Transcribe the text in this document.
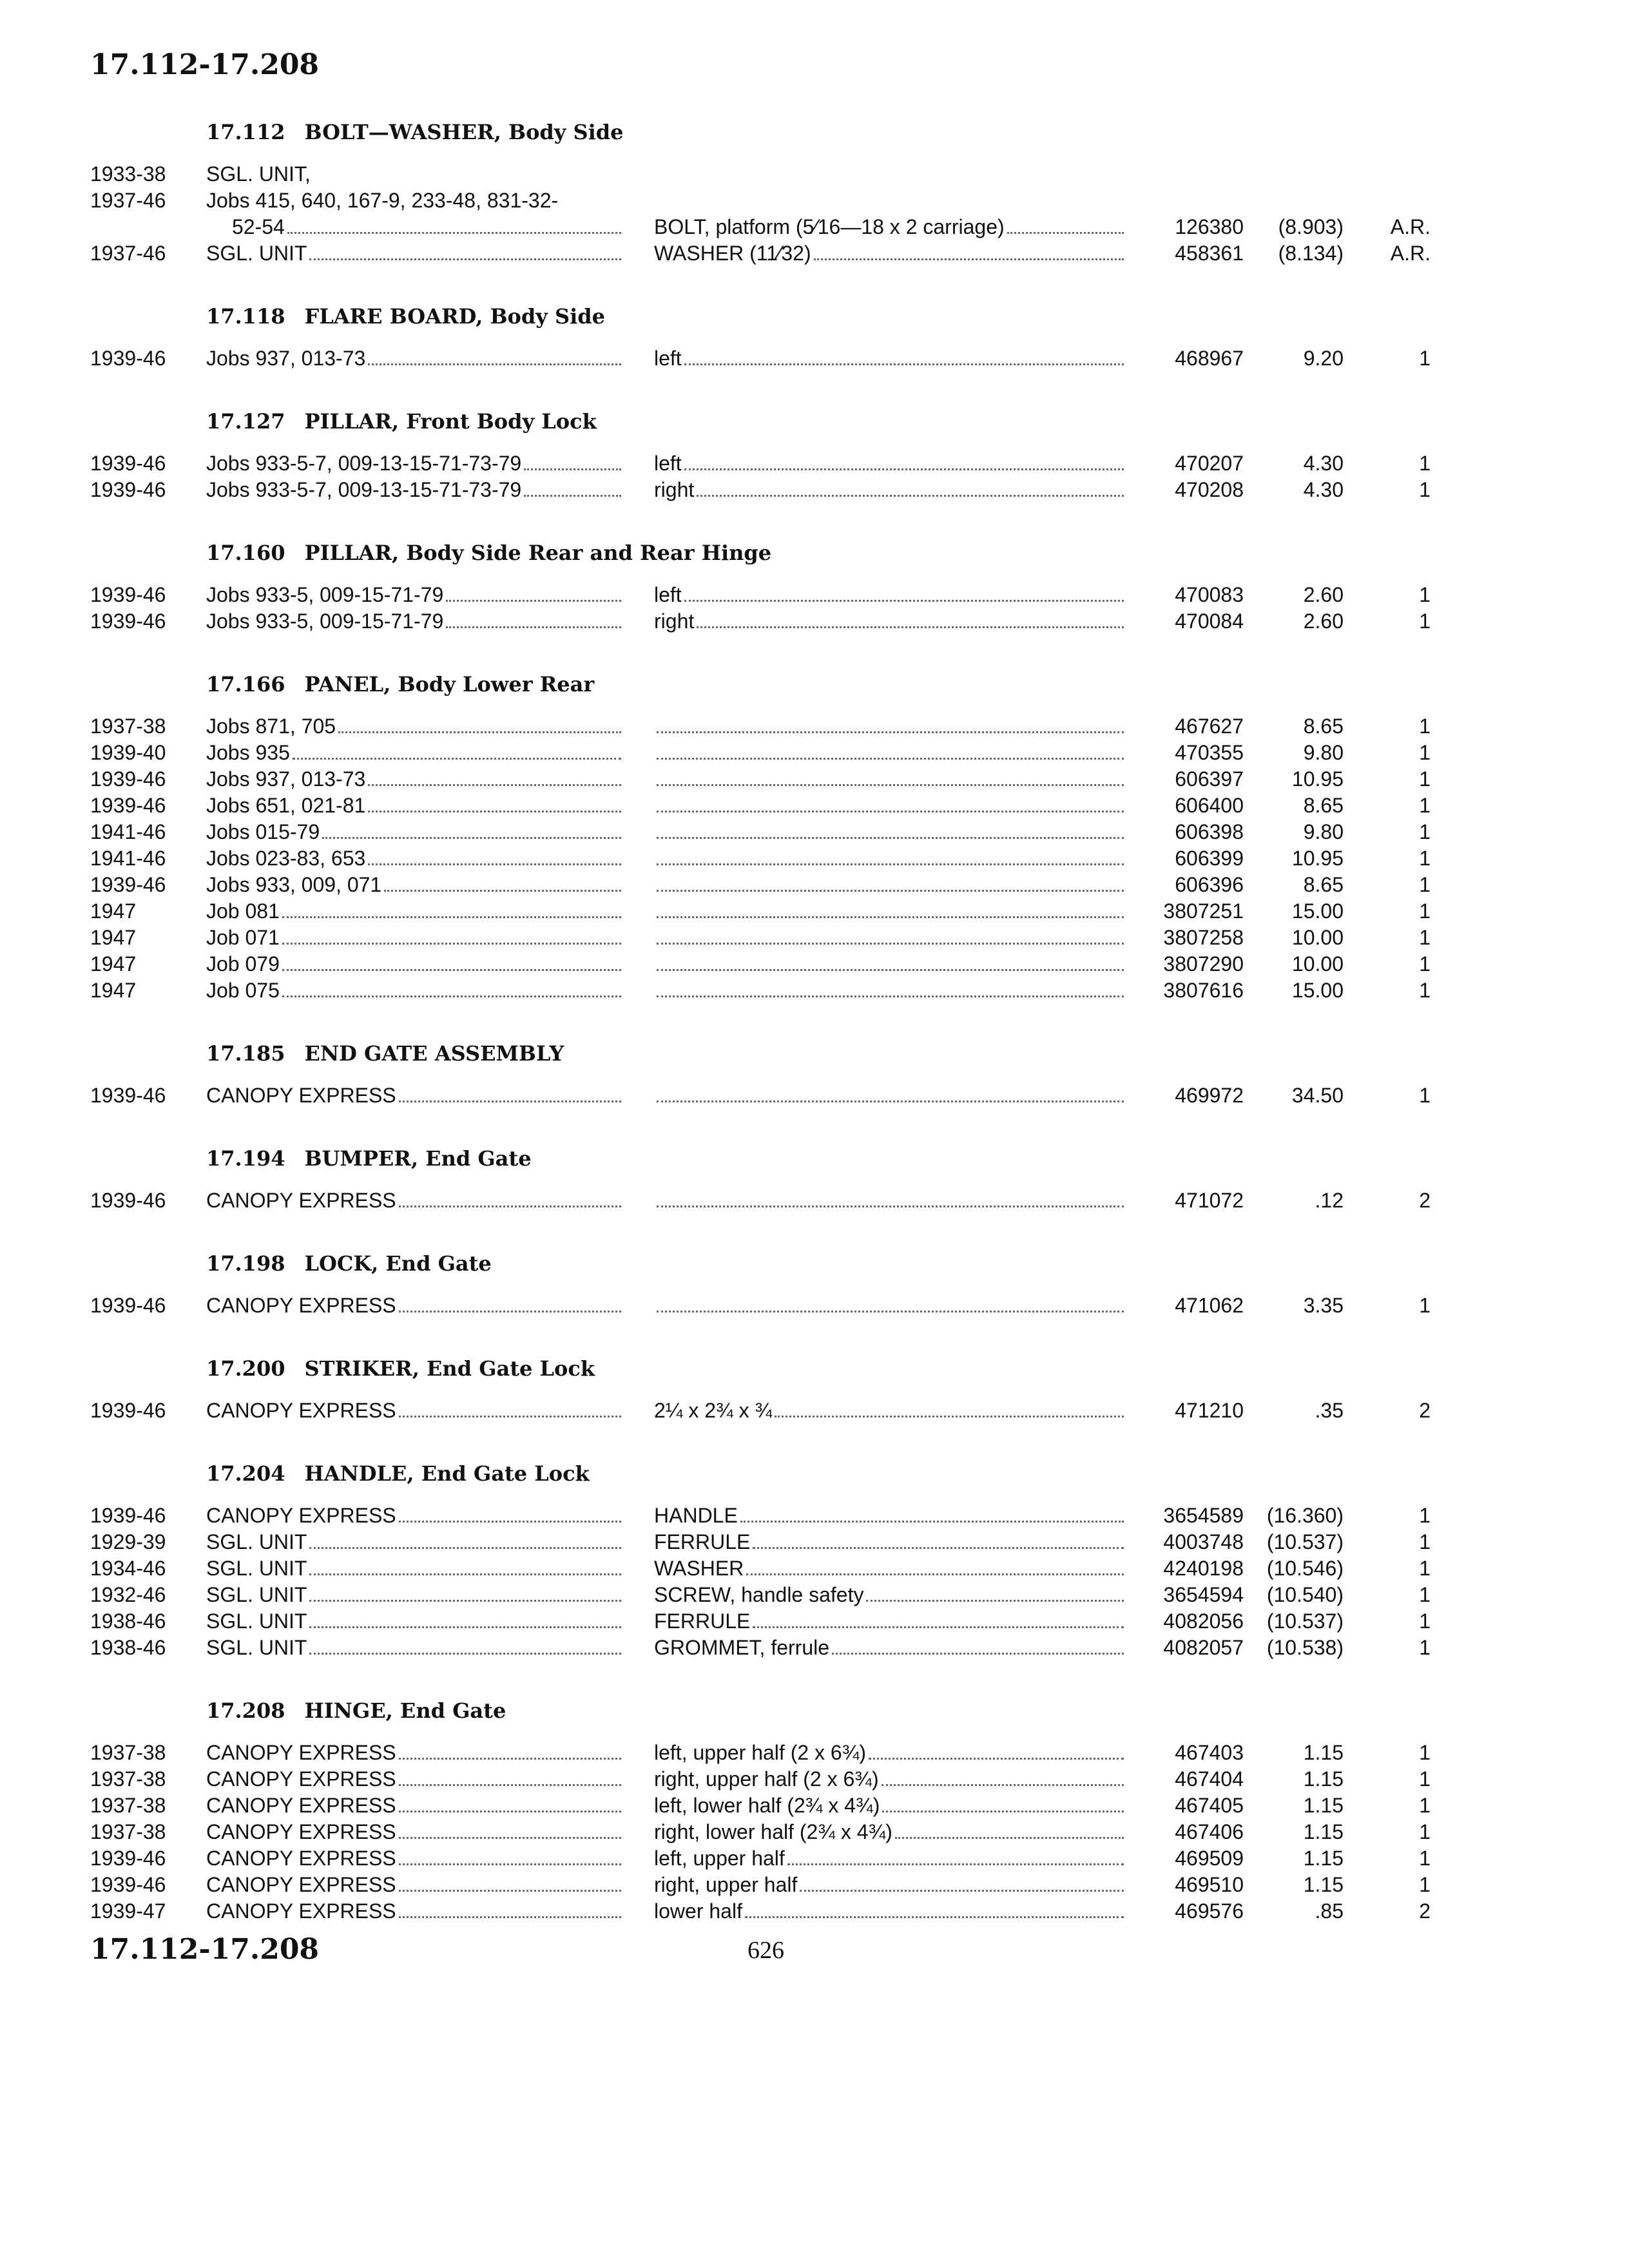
17.112-17.208
17.112 BOLT—WASHER, Body Side
1933-38	SGL. UNIT,
1937-46	Jobs 415, 640, 167-9, 233-48, 831-32-
52-54	BOLT, platform (5⁄16—18 x 2 carriage)	126380	(8.903)	A.R.
1937-46	SGL. UNIT	WASHER (11⁄32)	458361	(8.134)	A.R.
17.118 FLARE BOARD, Body Side
1939-46	Jobs 937, 013-73	left	468967	9.20	1
17.127 PILLAR, Front Body Lock
1939-46	Jobs 933-5-7, 009-13-15-71-73-79	left	470207	4.30	1
1939-46	Jobs 933-5-7, 009-13-15-71-73-79	right	470208	4.30	1
17.160 PILLAR, Body Side Rear and Rear Hinge
1939-46	Jobs 933-5, 009-15-71-79	left	470083	2.60	1
1939-46	Jobs 933-5, 009-15-71-79	right	470084	2.60	1
17.166 PANEL, Body Lower Rear
1937-38	Jobs 871, 705	467627	8.65	1
1939-40	Jobs 935	470355	9.80	1
1939-46	Jobs 937, 013-73	606397	10.95	1
1939-46	Jobs 651, 021-81	606400	8.65	1
1941-46	Jobs 015-79	606398	9.80	1
1941-46	Jobs 023-83, 653	606399	10.95	1
1939-46	Jobs 933, 009, 071	606396	8.65	1
1947	Job 081	3807251	15.00	1
1947	Job 071	3807258	10.00	1
1947	Job 079	3807290	10.00	1
1947	Job 075	3807616	15.00	1
17.185 END GATE ASSEMBLY
1939-46	CANOPY EXPRESS	469972	34.50	1
17.194 BUMPER, End Gate
1939-46	CANOPY EXPRESS	471072	.12	2
17.198 LOCK, End Gate
1939-46	CANOPY EXPRESS	471062	3.35	1
17.200 STRIKER, End Gate Lock
1939-46	CANOPY EXPRESS	2¼ x 2¾ x ¾	471210	.35	2
17.204 HANDLE, End Gate Lock
1939-46	CANOPY EXPRESS	HANDLE	3654589	(16.360)	1
1929-39	SGL. UNIT	FERRULE	4003748	(10.537)	1
1934-46	SGL. UNIT	WASHER	4240198	(10.546)	1
1932-46	SGL. UNIT	SCREW, handle safety	3654594	(10.540)	1
1938-46	SGL. UNIT	FERRULE	4082056	(10.537)	1
1938-46	SGL. UNIT	GROMMET, ferrule	4082057	(10.538)	1
17.208 HINGE, End Gate
1937-38	CANOPY EXPRESS	left, upper half (2 x 6¾)	467403	1.15	1
1937-38	CANOPY EXPRESS	right, upper half (2 x 6¾)	467404	1.15	1
1937-38	CANOPY EXPRESS	left, lower half (2¾ x 4¾)	467405	1.15	1
1937-38	CANOPY EXPRESS	right, lower half (2¾ x 4¾)	467406	1.15	1
1939-46	CANOPY EXPRESS	left, upper half	469509	1.15	1
1939-46	CANOPY EXPRESS	right, upper half	469510	1.15	1
1939-47	CANOPY EXPRESS	lower half	469576	.85	2
17.112-17.208	626
